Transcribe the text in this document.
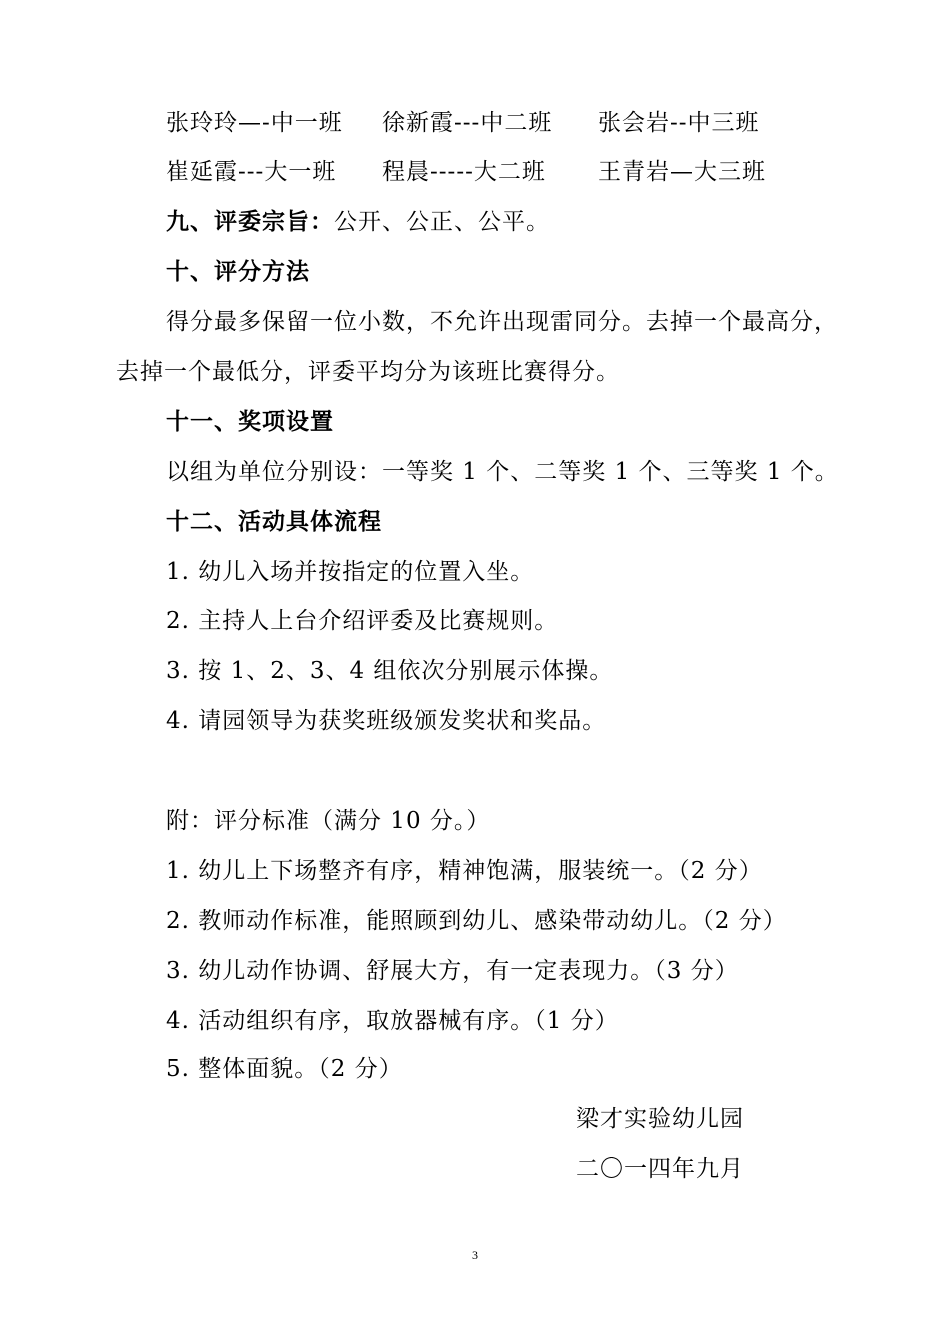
张玲玲—-中一班 徐新霞---中二班 张会岩--中三班
崔延霞---大一班 程晨-----大二班 王青岩—大三班
九、评委宗旨：公开、公正、公平。
十、评分方法
得分最多保留一位小数，不允许出现雷同分。去掉一个最高分，
去掉一个最低分，评委平均分为该班比赛得分。
十一、奖项设置
以组为单位分别设：一等奖 1 个、二等奖 1 个、三等奖 1 个。
十二、活动具体流程
1. 幼儿入场并按指定的位置入坐。
2. 主持人上台介绍评委及比赛规则。
3. 按 1、2、3、4 组依次分别展示体操。
4. 请园领导为获奖班级颁发奖状和奖品。
附：评分标准（满分 10 分。）
1. 幼儿上下场整齐有序，精神饱满，服装统一。（2 分）
2. 教师动作标准，能照顾到幼儿、感染带动幼儿。（2 分）
3. 幼儿动作协调、舒展大方，有一定表现力。（3 分）
4. 活动组织有序，取放器械有序。（1 分）
5. 整体面貌。（2 分）
梁才实验幼儿园
二〇一四年九月
3
